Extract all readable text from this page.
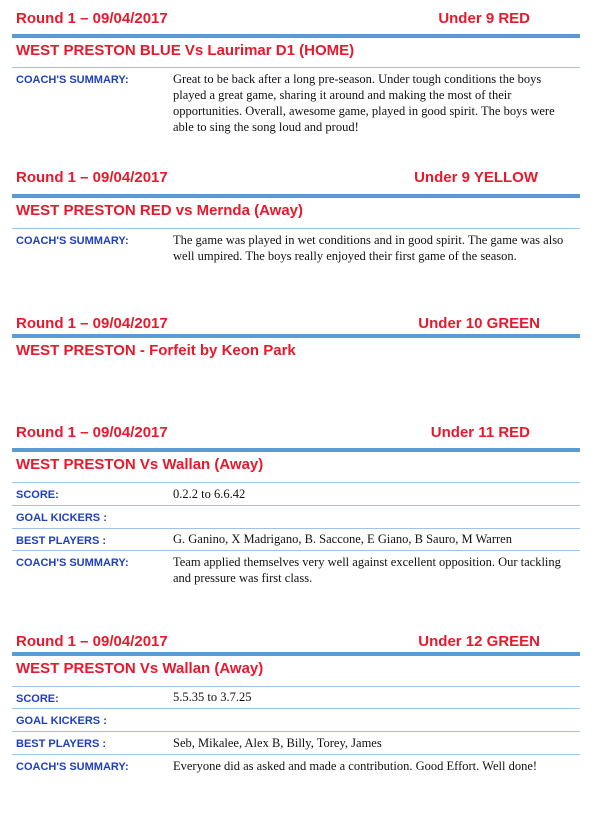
Round 1 – 09/04/2017	Under 9 RED
WEST PRESTON BLUE Vs Laurimar D1 (HOME)
COACH'S SUMMARY:	Great to be back after a long pre-season. Under tough conditions the boys played a great game, sharing it around and making the most of their opportunities. Overall, awesome game, played in good spirit. The boys were able to sing the song loud and proud!
Round 1 – 09/04/2017	Under 9 YELLOW
WEST PRESTON RED vs Mernda (Away)
COACH'S SUMMARY:	The game was played in wet conditions and in good spirit. The game was also well umpired. The boys really enjoyed their first game of the season.
Round 1 – 09/04/2017	Under 10 GREEN
WEST PRESTON - Forfeit by Keon Park
Round 1 – 09/04/2017	Under 11 RED
WEST PRESTON Vs Wallan (Away)
SCORE:	0.2.2 to 6.6.42
GOAL KICKERS :
BEST PLAYERS :	G. Ganino, X Madrigano, B. Saccone, E Giano, B Sauro, M Warren
COACH'S SUMMARY:	Team applied themselves very well against excellent opposition. Our tackling and pressure was first class.
Round 1 – 09/04/2017	Under 12 GREEN
WEST PRESTON Vs Wallan (Away)
SCORE:	5.5.35 to 3.7.25
GOAL KICKERS :
BEST PLAYERS :	Seb, Mikalee, Alex B, Billy, Torey, James
COACH'S SUMMARY:	Everyone did as asked and made a contribution. Good Effort. Well done!
